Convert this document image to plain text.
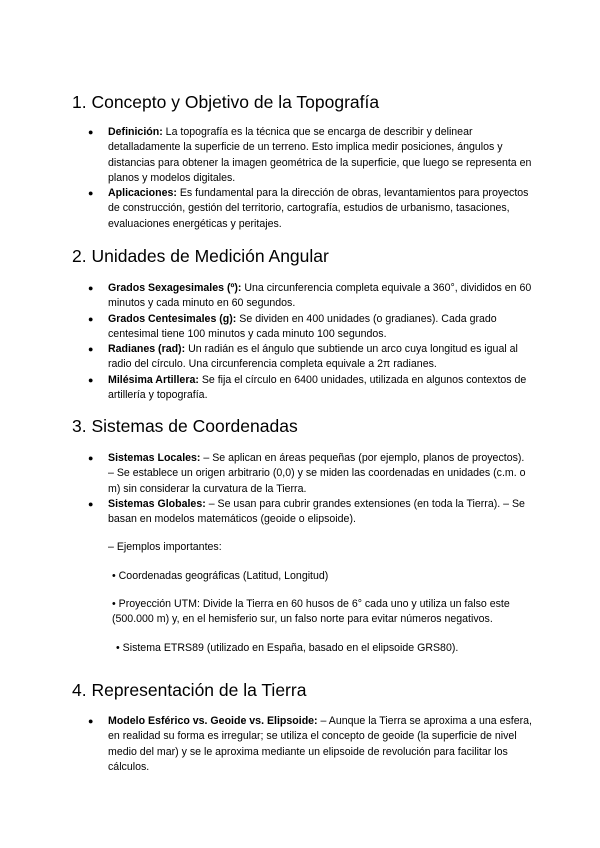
1. Concepto y Objetivo de la Topografía
● Definición: La topografía es la técnica que se encarga de describir y delinear detalladamente la superficie de un terreno. Esto implica medir posiciones, ángulos y distancias para obtener la imagen geométrica de la superficie, que luego se representa en planos y modelos digitales.
● Aplicaciones: Es fundamental para la dirección de obras, levantamientos para proyectos de construcción, gestión del territorio, cartografía, estudios de urbanismo, tasaciones, evaluaciones energéticas y peritajes.
2. Unidades de Medición Angular
● Grados Sexagesimales (º): Una circunferencia completa equivale a 360°, divididos en 60 minutos y cada minuto en 60 segundos.
● Grados Centesimales (g): Se dividen en 400 unidades (o gradianes). Cada grado centesimal tiene 100 minutos y cada minuto 100 segundos.
● Radianes (rad): Un radián es el ángulo que subtiende un arco cuya longitud es igual al radio del círculo. Una circunferencia completa equivale a 2π radianes.
● Milésima Artillera: Se fija el círculo en 6400 unidades, utilizada en algunos contextos de artillería y topografía.
3. Sistemas de Coordenadas
● Sistemas Locales: – Se aplican en áreas pequeñas (por ejemplo, planos de proyectos). – Se establece un origen arbitrario (0,0) y se miden las coordenadas en unidades (c.m. o m) sin considerar la curvatura de la Tierra.
● Sistemas Globales: – Se usan para cubrir grandes extensiones (en toda la Tierra). – Se basan en modelos matemáticos (geoide o elipsoide).
– Ejemplos importantes:
• Coordenadas geográficas (Latitud, Longitud)
• Proyección UTM: Divide la Tierra en 60 husos de 6° cada uno y utiliza un falso este (500.000 m) y, en el hemisferio sur, un falso norte para evitar números negativos.
• Sistema ETRS89 (utilizado en España, basado en el elipsoide GRS80).
4. Representación de la Tierra
● Modelo Esférico vs. Geoide vs. Elipsoide: – Aunque la Tierra se aproxima a una esfera, en realidad su forma es irregular; se utiliza el concepto de geoide (la superficie de nivel medio del mar) y se le aproxima mediante un elipsoide de revolución para facilitar los cálculos.
